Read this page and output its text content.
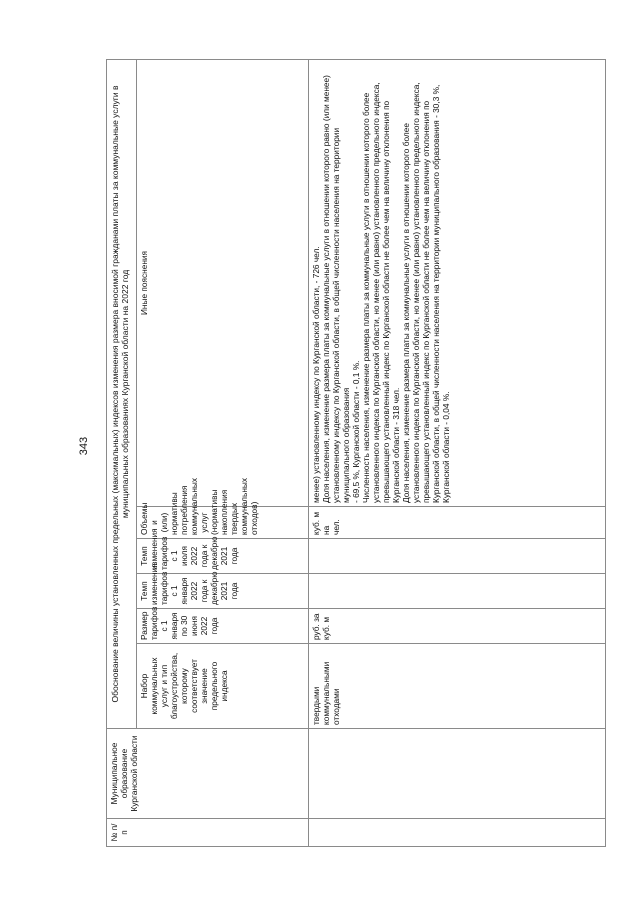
343
№ п/п	Муниципальное образование Курганской области	Обоснование величины установленных предельных (максимальных) индексов изменения размера вносимой гражданами платы за коммунальные услуги в муниципальных образованиях Курганской области на 2022 год					
		Набор коммунальных услуг и тип благоустройства, которому соответствует значение предельного индекса	Размер тарифов с 1 января по 30 июня 2022 года	Темп изменения тарифов с 1 января 2022 года к декабрю 2021 года	Темп изменения тарифов с 1 июля 2022 года к декабрю 2021 года	Объемы и (или) нормативы потребления коммунальных услуг (нормативы накопления твердых коммунальных отходов)	Иные пояснения
		твердыми коммунальными отходами	руб. за куб. м			куб. м на чел.	менее) установленному индексу по Курганской области, - 726 чел.
Доля населения, изменение размера платы за коммунальные услуги в отношении которого равно (или менее) установленному индексу по Курганской области, в общей численности населения на территории муниципального образования
- 69,5 %, Курганской области - 0,1 %.
Численность населения, изменение размера платы за коммунальные услуги в отношении которого более установленного индекса по Курганской области, но менее (или равно) установленного предельного индекса, превышающего установленный индекс по Курганской области не более чем на величину отклонения по Курганской области - 318 чел.
Доля населения, изменение размера платы за коммунальные услуги в отношении которого более установленного индекса по Курганской области, но менее (или равно) установленного предельного индекса, превышающего установленный индекс по Курганской области не более чем на величину отклонения по Курганской области, в общей численности населения на территории муниципального образования - 30,3 %, Курганской области - 0,04 %.
